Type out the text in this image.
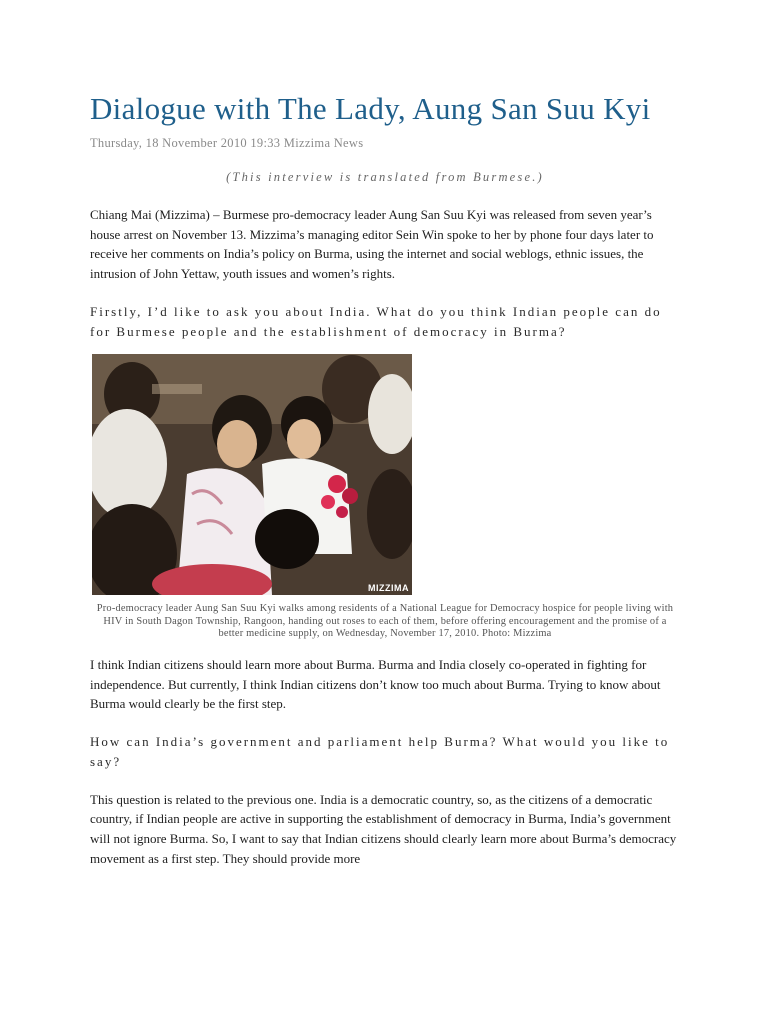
Dialogue with The Lady, Aung San Suu Kyi
Thursday, 18 November 2010 19:33 Mizzima News
(This interview is translated from Burmese.)

Chiang Mai (Mizzima) – Burmese pro-democracy leader Aung San Suu Kyi was released from seven year’s house arrest on November 13. Mizzima’s managing editor Sein Win spoke to her by phone four days later to receive her comments on India’s policy on Burma, using the internet and social weblogs, ethnic issues, the intrusion of John Yettaw, youth issues and women’s rights.

Firstly, I’d like to ask you about India. What do you think Indian people can do for Burmese people and the establishment of democracy in Burma?

MIZZIMA
Pro-democracy leader Aung San Suu Kyi walks among residents of a National League for Democracy hospice for people living with HIV in South Dagon Township, Rangoon, handing out roses to each of them, before offering encouragement and the promise of a better medicine supply, on Wednesday, November 17, 2010. Photo: Mizzima

I think Indian citizens should learn more about Burma. Burma and India closely co-operated in fighting for independence. But currently, I think Indian citizens don’t know too much about Burma. Trying to know about Burma would clearly be the first step.

How can India’s government and parliament help Burma? What would you like to say?

This question is related to the previous one. India is a democratic country, so, as the citizens of a democratic country, if Indian people are active in supporting the establishment of democracy in Burma, India’s government will not ignore Burma. So, I want to say that Indian citizens should clearly learn more about Burma’s democracy movement as a first step. They should provide more
